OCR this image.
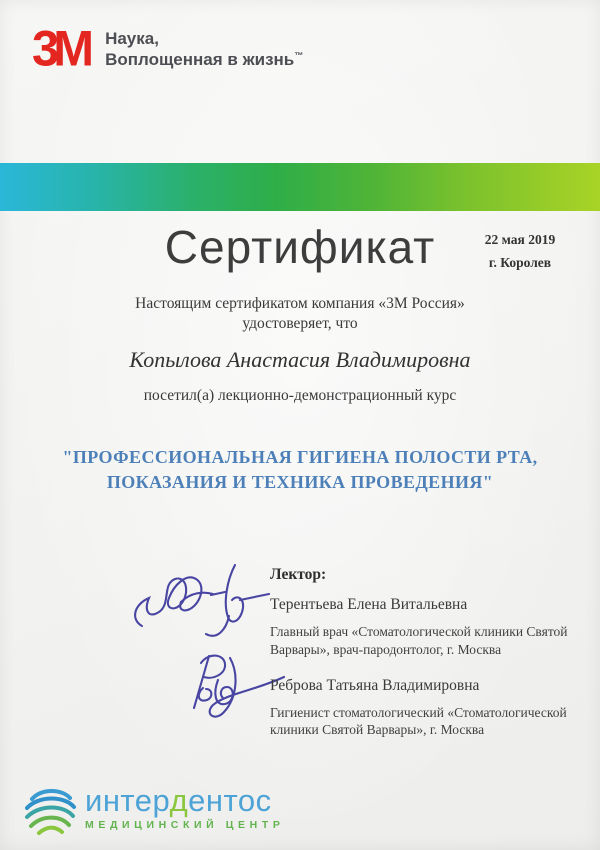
3M	Наука,
Воплощенная в жизнь™
Сертификат	22 мая 2019
г. Королев
Настоящим сертификатом компания «3М Россия»
удостоверяет, что
Копылова Анастасия Владимировна
посетил(а) лекционно-демонстрационный курс
"ПРОФЕССИОНАЛЬНАЯ ГИГИЕНА ПОЛОСТИ РТА,
ПОКАЗАНИЯ И ТЕХНИКА ПРОВЕДЕНИЯ"
Лектор:
Терентьева Елена Витальевна
Главный врач «Стоматологической клиники Святой
Варвары», врач-пародонтолог, г. Москва
Реброва Татьяна Владимировна
Гигиенист стоматологический «Стоматологической
клиники Святой Варвары», г. Москва
интердентос
МЕДИЦИНСКИЙ ЦЕНТР
